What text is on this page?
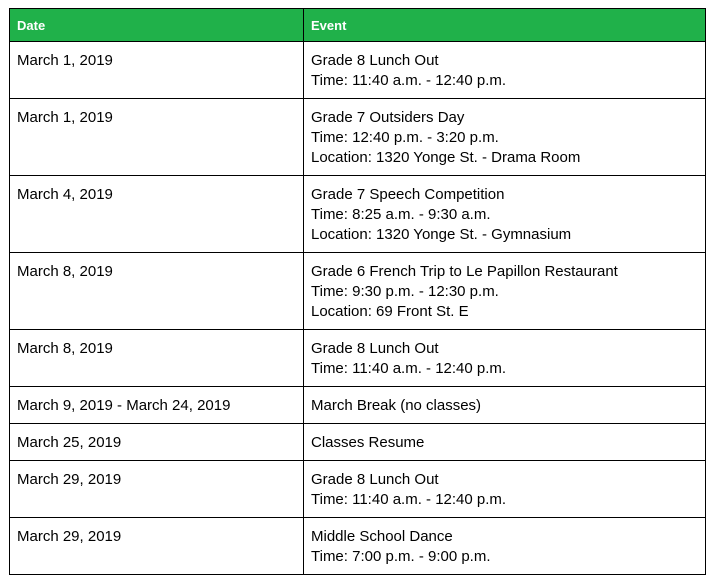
Date	Event
March 1, 2019	Grade 8 Lunch Out
Time: 11:40 a.m. - 12:40 p.m.

March 1, 2019	Grade 7 Outsiders Day
Time: 12:40 p.m. - 3:20 p.m.
Location: 1320 Yonge St. - Drama Room

March 4, 2019	Grade 7 Speech Competition
Time: 8:25 a.m. - 9:30 a.m.
Location: 1320 Yonge St. - Gymnasium

March 8, 2019	Grade 6 French Trip to Le Papillon Restaurant
Time: 9:30 p.m. - 12:30 p.m.
Location: 69 Front St. E

March 8, 2019	Grade 8 Lunch Out
Time: 11:40 a.m. - 12:40 p.m.

March 9, 2019 - March 24, 2019	March Break (no classes)

March 25, 2019	Classes Resume

March 29, 2019	Grade 8 Lunch Out
Time: 11:40 a.m. - 12:40 p.m.

March 29, 2019	Middle School Dance
Time: 7:00 p.m. - 9:00 p.m.
